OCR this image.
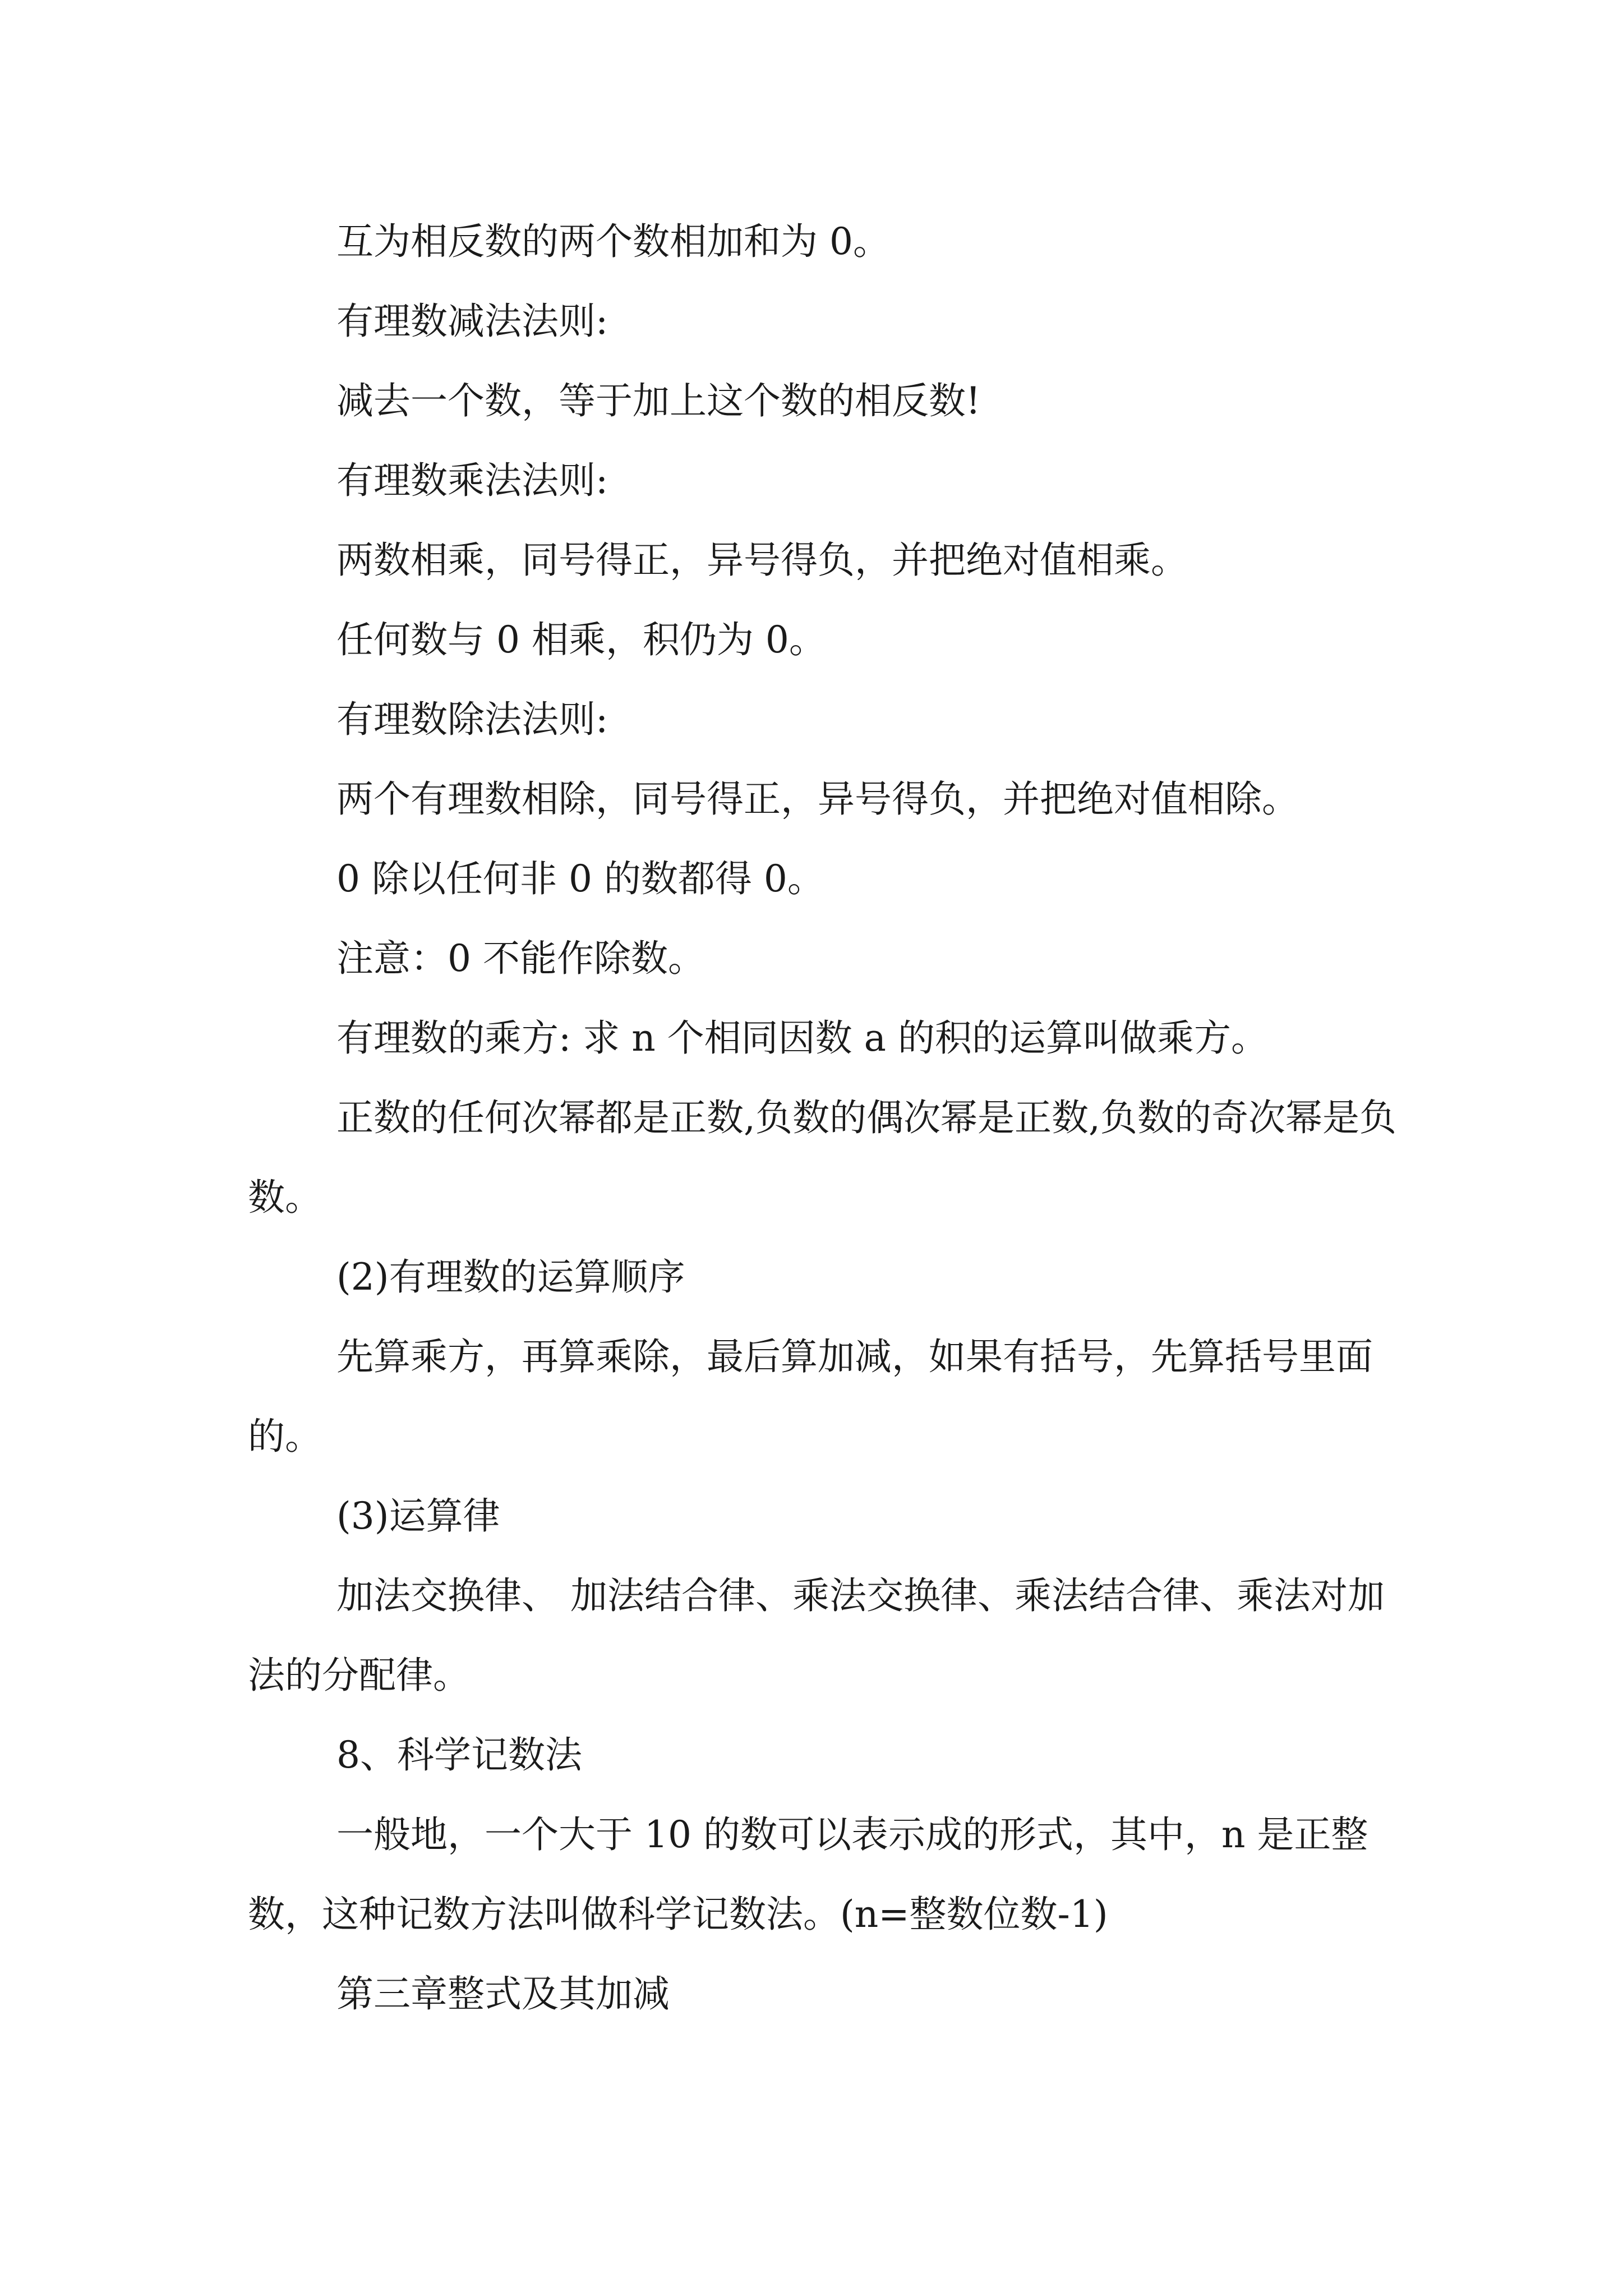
互为相反数的两个数相加和为 0。

有理数减法法则:

减去一个数，等于加上这个数的相反数!

有理数乘法法则:

两数相乘，同号得正，异号得负，并把绝对值相乘。

任何数与 0 相乘，积仍为 0。

有理数除法法则:

两个有理数相除，同号得正，异号得负，并把绝对值相除。

0 除以任何非 0 的数都得 0。

注意：0 不能作除数。

有理数的乘方: 求 n 个相同因数 a 的积的运算叫做乘方。

正数的任何次幂都是正数,负数的偶次幂是正数,负数的奇次幂是负数。

(2)有理数的运算顺序

先算乘方，再算乘除，最后算加减，如果有括号，先算括号里面的。

(3)运算律

加法交换律、 加法结合律、乘法交换律、乘法结合律、乘法对加法的分配律。

8、科学记数法

一般地，一个大于 10 的数可以表示成的形式，其中，n 是正整数，这种记数方法叫做科学记数法。(n=整数位数-1)

第三章整式及其加减
